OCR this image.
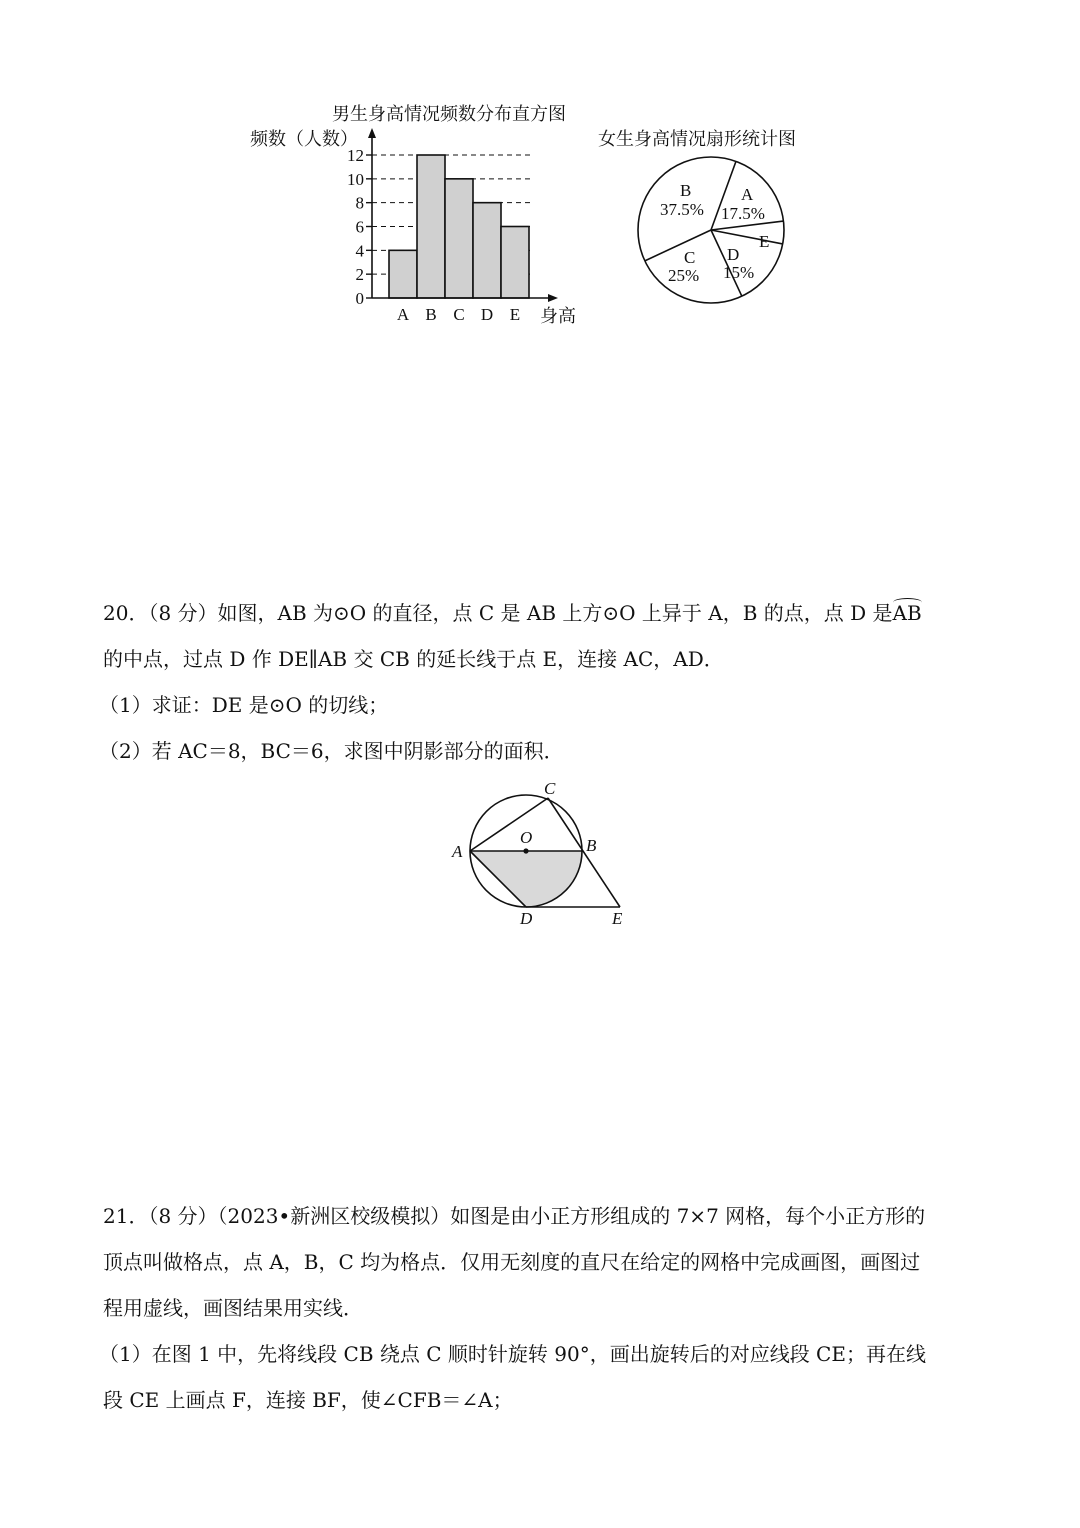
男生身高情况频数分布直方图
频数（人数）
0
2
4
6
8
10
12
A B C D E 身高
女生身高情况扇形统计图
B
37.5%
A
17.5%
E
D
15%
C
25%
20．（8 分）如图，AB 为⊙O 的直径，点 C 是 AB 上方⊙O 上异于 A，B 的点，点 D 是
AB
的中点，过点 D 作 DE∥AB 交 CB 的延长线于点 E，连接 AC，AD．
（1）求证：DE 是⊙O 的切线；
（2）若 AC＝8，BC＝6，求图中阴影部分的面积．
C
O
A	B
D	E
21．（8 分）（2023•新洲区校级模拟）如图是由小正方形组成的 7×7 网格，每个小正方形的
顶点叫做格点，点 A，B，C 均为格点．仅用无刻度的直尺在给定的网格中完成画图，画图过
程用虚线，画图结果用实线．
（1）在图 1 中，先将线段 CB 绕点 C 顺时针旋转 90°，画出旋转后的对应线段 CE；再在线
段 CE 上画点 F，连接 BF，使∠CFB＝∠A；
